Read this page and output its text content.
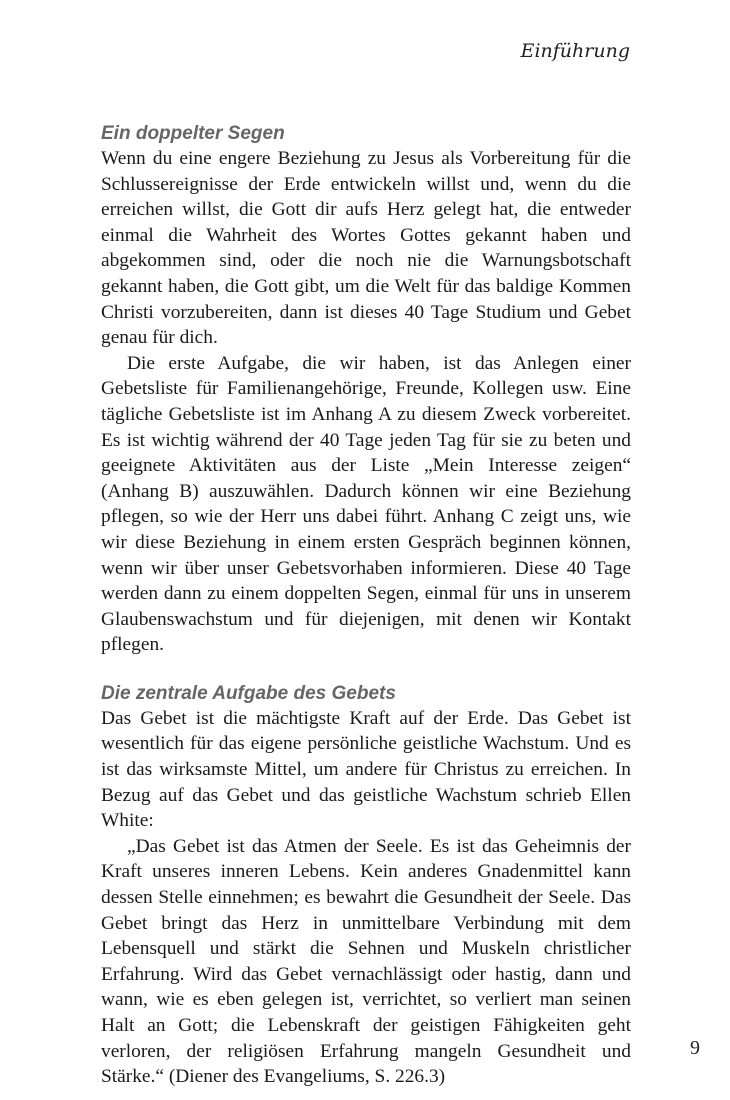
Einführung
Ein doppelter Segen

Wenn du eine engere Beziehung zu Jesus als Vorbereitung für die Schlussereignisse der Erde entwickeln willst und, wenn du die erreichen willst, die Gott dir aufs Herz gelegt hat, die entweder einmal die Wahrheit des Wortes Gottes gekannt haben und abgekommen sind, oder die noch nie die Warnungsbotschaft gekannt haben, die Gott gibt, um die Welt für das baldige Kommen Christi vorzubereiten, dann ist dieses 40 Tage Studium und Gebet genau für dich.

Die erste Aufgabe, die wir haben, ist das Anlegen einer Gebetsliste für Familienangehörige, Freunde, Kollegen usw. Eine tägliche Gebetsliste ist im Anhang A zu diesem Zweck vorbereitet. Es ist wichtig während der 40 Tage jeden Tag für sie zu beten und geeignete Aktivitäten aus der Liste „Mein Interesse zeigen“ (Anhang B) auszuwählen. Dadurch können wir eine Beziehung pflegen, so wie der Herr uns dabei führt. Anhang C zeigt uns, wie wir diese Beziehung in einem ersten Gespräch beginnen können, wenn wir über unser Gebetsvorhaben informieren. Diese 40 Tage werden dann zu einem doppelten Segen, einmal für uns in unserem Glaubenswachstum und für diejenigen, mit denen wir Kontakt pflegen.

Die zentrale Aufgabe des Gebets

Das Gebet ist die mächtigste Kraft auf der Erde. Das Gebet ist wesentlich für das eigene persönliche geistliche Wachstum. Und es ist das wirksamste Mittel, um andere für Christus zu erreichen. In Bezug auf das Gebet und das geistliche Wachstum schrieb Ellen White:

„Das Gebet ist das Atmen der Seele. Es ist das Geheimnis der Kraft unseres inneren Lebens. Kein anderes Gnadenmittel kann dessen Stelle einnehmen; es bewahrt die Gesundheit der Seele. Das Gebet bringt das Herz in unmittelbare Verbindung mit dem Lebensquell und stärkt die Sehnen und Muskeln christlicher Erfahrung. Wird das Gebet vernachlässigt oder hastig, dann und wann, wie es eben gelegen ist, verrichtet, so verliert man seinen Halt an Gott; die Lebenskraft der geistigen Fähigkeiten geht verloren, der religiösen Erfahrung mangeln Gesundheit und Stärke.“ (Diener des Evangeliums, S. 226.3)

9
